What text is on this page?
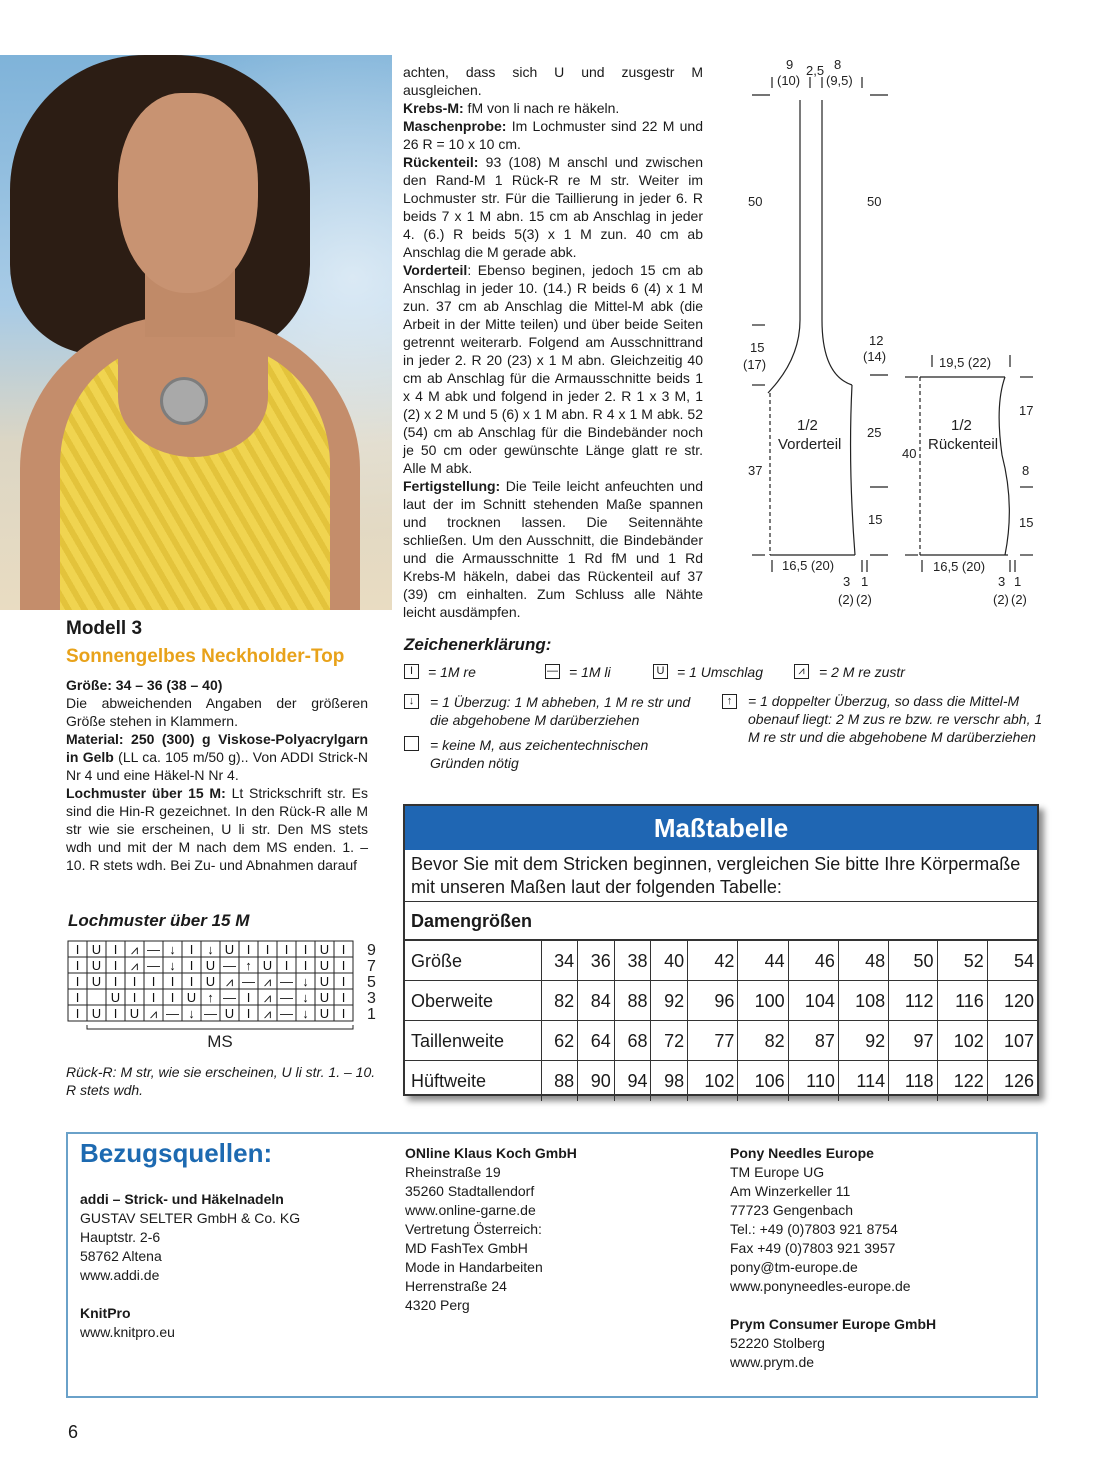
Modell 3
Sonnengelbes Neckholder-Top
Größe: 34 – 36 (38 – 40)
Die abweichenden Angaben der größeren Größe stehen in Klammern.
Material: 250 (300) g Viskose-Polyacrylgarn in Gelb (LL ca. 105 m/50 g).. Von ADDI Strick-N Nr 4 und eine Häkel-N Nr 4.
Lochmuster über 15 M: Lt Strickschrift str. Es sind die Hin-R gezeichnet. In den Rück-R alle M str wie sie erscheinen, U li str. Den MS stets wdh und mit der M nach dem MS enden. 1. – 10. R stets wdh. Bei Zu- und Abnahmen darauf
achten, dass sich U und zusgestr M ausgleichen.
Krebs-M: fM von li nach re häkeln.
Maschenprobe: Im Lochmuster sind 22 M und 26 R = 10 x 10 cm.
Rückenteil: 93 (108) M anschl und zwischen den Rand-M 1 Rück-R re M str. Weiter im Lochmuster str. Für die Taillierung in jeder 6. R beids 7 x 1 M abn. 15 cm ab Anschlag in jeder 4. (6.) R beids 5(3) x 1 M zun. 40 cm ab Anschlag die M gerade abk.
Vorderteil: Ebenso beginen, jedoch 15 cm ab Anschlag in jeder 10. (14.) R beids 6 (4) x 1 M zun. 37 cm ab Anschlag die Mittel-M abk (die Arbeit in der Mitte teilen) und über beide Seiten getrennt weiterarb. Folgend am Ausschnittrand in jeder 2. R 20 (23) x 1 M abn. Gleichzeitig 40 cm ab Anschlag für die Armausschnitte beids 1 x 4 M abk und folgend in jeder 2. R 1 x 3 M, 1 (2) x 2 M und 5 (6) x 1 M abn. R 4 x 1 M abk. 52 (54) cm ab Anschlag für die Bindebänder noch je 50 cm oder gewünschte Länge glatt re str. Alle M abk.
Fertigstellung: Die Teile leicht anfeuchten und laut der im Schnitt stehenden Maße spannen und trocknen lassen. Die Seitennähte schließen. Um den Ausschnitt, die Bindebänder und die Armausschnitte 1 Rd fM und 1 Rd Krebs-M häkeln, dabei das Rückenteil auf 37 (39) cm einhalten. Zum Schluss alle Nähte leicht ausdämpfen.
9
(10)
2,5 8
(9,5)
50	50
15
(17)
12
(14)
37
25
15
1/2
Vorderteil
16,5 (20)
3 1
(2) (2)
19,5 (22)
17
40
8
15
1/2
Rückenteil
16,5 (20)
3 1
(2) (2)
Zeichenerklärung:
I	= 1M re	— = 1M li	U = 1 Umschlag	⩘	= 2 M re zustr
↓	= 1 Überzug: 1 M abheben, 1 M re str und die abgehobene M darüberziehen
↑	= 1 doppelter Überzug, so dass die Mittel-M obenauf liegt: 2 M zus re bzw. re verschr abh, 1 M re str und die abgehobene M darüberziehen
= keine M, aus zeichentechnischen Gründen nötig
Lochmuster über 15 M
I U I ⩘ — ↓ I ↓ U I I I I U I 9
I U I ⩘ — ↓ I U — ↑ U I I U I 7
I U I I I I I U ⩘ — ⩘ — ↓ U I 5
I U I I I U ↑ — I ⩘ — ↓ U I 3
I U I U ⩘ — ↓ — U I ⩘ — ↓ U I 1
MS
Rück-R: M str, wie sie erscheinen, U li str. 1. – 10. R stets wdh.
Maßtabelle
Bevor Sie mit dem Stricken beginnen, vergleichen Sie bitte Ihre Körpermaße mit unseren Maßen laut der folgenden Tabelle:
Damengrößen
Größe	34	36	38	40	42	44	46	48	50	52	54
Oberweite	82	84	88	92	96	100	104	108	112	116	120
Taillenweite	62	64	68	72	77	82	87	92	97	102	107
Hüftweite	88	90	94	98	102	106	110	114	118	122	126
Bezugsquellen:
addi – Strick- und Häkelnadeln
GUSTAV SELTER GmbH & Co. KG
Hauptstr. 2-6
58762 Altena
www.addi.de
KnitPro
www.knitpro.eu
ONline Klaus Koch GmbH
Rheinstraße 19
35260 Stadtallendorf
www.online-garne.de
Vertretung Österreich:
MD FashTex GmbH
Mode in Handarbeiten
Herrenstraße 24
4320 Perg
Pony Needles Europe
TM Europe UG
Am Winzerkeller 11
77723 Gengenbach
Tel.: +49 (0)7803 921 8754
Fax +49 (0)7803 921 3957
pony@tm-europe.de
www.ponyneedles-europe.de
Prym Consumer Europe GmbH
52220 Stolberg
www.prym.de
6
